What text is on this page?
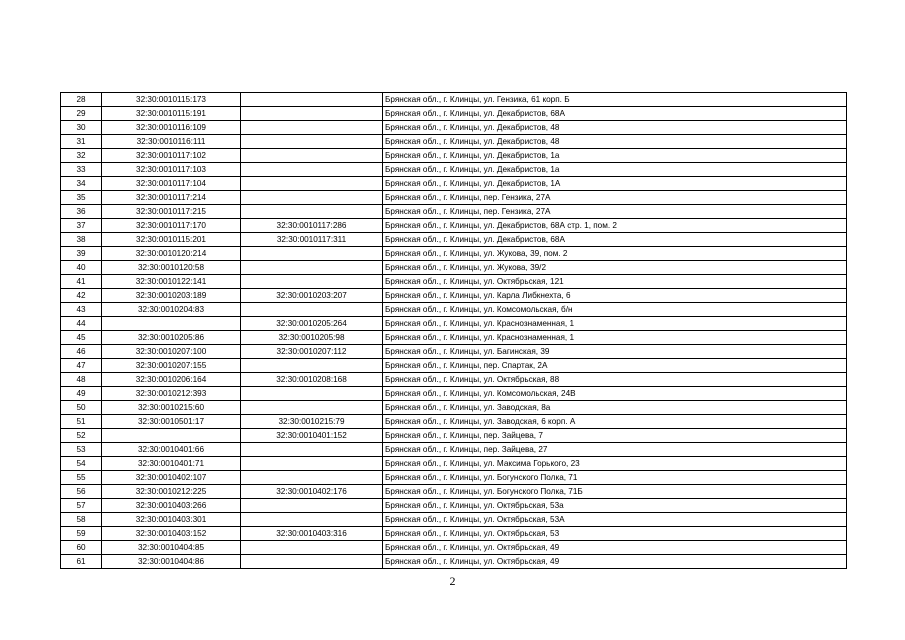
28	32:30:0010115:173		Брянская обл., г. Клинцы, ул. Гензика, 61 корп. Б
29	32:30:0010115:191		Брянская обл., г. Клинцы, ул. Декабристов, 68А
30	32:30:0010116:109		Брянская обл., г. Клинцы, ул. Декабристов, 48
31	32:30:0010116:111		Брянская обл., г. Клинцы, ул. Декабристов, 48
32	32:30:0010117:102		Брянская обл., г. Клинцы, ул. Декабристов, 1а
33	32:30:0010117:103		Брянская обл., г. Клинцы, ул. Декабристов, 1а
34	32:30:0010117:104		Брянская обл., г. Клинцы, ул. Декабристов, 1А
35	32:30:0010117:214		Брянская обл., г. Клинцы, пер. Гензика, 27А
36	32:30:0010117:215		Брянская обл., г. Клинцы, пер. Гензика, 27А
37	32:30:0010117:170	32:30:0010117:286	Брянская обл., г. Клинцы, ул. Декабристов, 68А стр. 1, пом. 2
38	32:30:0010115:201	32:30:0010117:311	Брянская обл., г. Клинцы, ул. Декабристов, 68А
39	32:30:0010120:214		Брянская обл., г. Клинцы, ул. Жукова, 39, пом. 2
40	32:30:0010120:58		Брянская обл., г. Клинцы, ул. Жукова, 39/2
41	32:30:0010122:141		Брянская обл., г. Клинцы, ул. Октябрьская, 121
42	32:30:0010203:189	32:30:0010203:207	Брянская обл., г. Клинцы, ул. Карла Либкнехта, 6
43	32:30:0010204:83		Брянская обл., г. Клинцы, ул. Комсомольская, б/н
44		32:30:0010205:264	Брянская обл., г. Клинцы, ул. Краснознаменная, 1
45	32:30:0010205:86	32:30:0010205:98	Брянская обл., г. Клинцы, ул. Краснознаменная, 1
46	32:30:0010207:100	32:30:0010207:112	Брянская обл., г. Клинцы, ул. Багинская, 39
47	32:30:0010207:155		Брянская обл., г. Клинцы, пер. Спартак, 2А
48	32:30:0010206:164	32:30:0010208:168	Брянская обл., г. Клинцы, ул. Октябрьская, 88
49	32:30:0010212:393		Брянская обл., г. Клинцы, ул. Комсомольская, 24В
50	32:30:0010215:60		Брянская обл., г. Клинцы, ул. Заводская, 8а
51	32:30:0010501:17	32:30:0010215:79	Брянская обл., г. Клинцы, ул. Заводская, 6 корп. А
52		32:30:0010401:152	Брянская обл., г. Клинцы, пер. Зайцева, 7
53	32:30:0010401:66		Брянская обл., г. Клинцы, пер. Зайцева, 27
54	32:30:0010401:71		Брянская обл., г. Клинцы, ул. Максима Горького, 23
55	32:30:0010402:107		Брянская обл., г. Клинцы, ул. Богунского Полка, 71
56	32:30:0010212:225	32:30:0010402:176	Брянская обл., г. Клинцы, ул. Богунского Полка, 71Б
57	32:30:0010403:266		Брянская обл., г. Клинцы, ул. Октябрьская, 53а
58	32:30:0010403:301		Брянская обл., г. Клинцы, ул. Октябрьская, 53А
59	32:30:0010403:152	32:30:0010403:316	Брянская обл., г. Клинцы, ул. Октябрьская, 53
60	32:30:0010404:85		Брянская обл., г. Клинцы, ул. Октябрьская, 49
61	32:30:0010404:86		Брянская обл., г. Клинцы, ул. Октябрьская, 49
2
